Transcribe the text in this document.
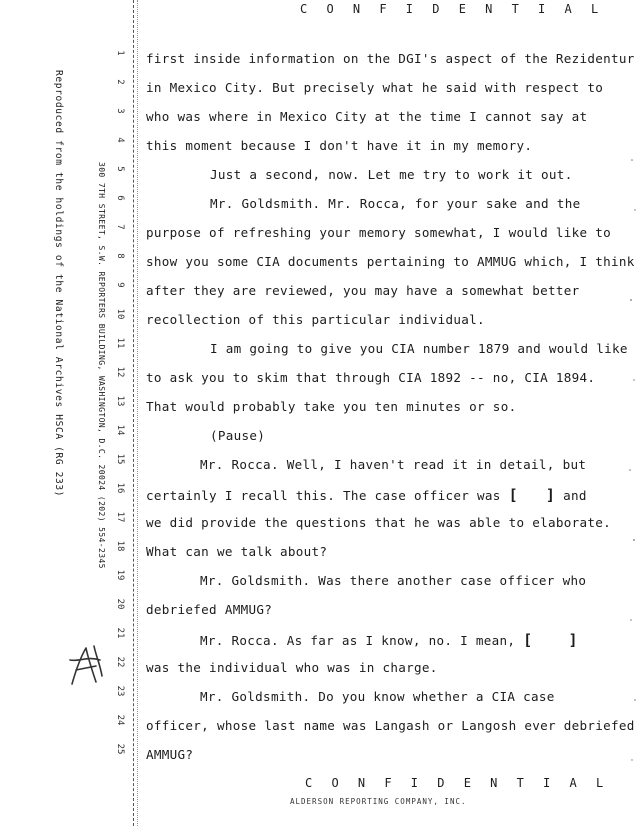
C O N F I D E N T I A L
Reproduced from the holdings of the National Archives HSCA (RG 233)	300 7TH STREET, S.W. REPORTERS BUILDING, WASHINGTON, D.C. 20024 (202) 554-2345
1
2
3
4
5
6
7
8
9
10
11
12
13
14
15
16
17
18
19
20
21
22
23
24
25
first inside information on the DGI's aspect of the Rezidentur
in Mexico City. But precisely what he said with respect to
who was where in Mexico City at the time I cannot say at
this moment because I don't have it in my memory.
Just a second, now. Let me try to work it out.
Mr. Goldsmith. Mr. Rocca, for your sake and the
purpose of refreshing your memory somewhat, I would like to
show you some CIA documents pertaining to AMMUG which, I think
after they are reviewed, you may have a somewhat better
recollection of this particular individual.
I am going to give you CIA number 1879 and would like
to ask you to skim that through CIA 1892 -- no, CIA 1894.
That would probably take you ten minutes or so.
(Pause)
Mr. Rocca. Well, I haven't read it in detail, but
certainly I recall this. The case officer was [ ] and
we did provide the questions that he was able to elaborate.
What can we talk about?
Mr. Goldsmith. Was there another case officer who
debriefed AMMUG?
Mr. Rocca. As far as I know, no. I mean, [ ]
was the individual who was in charge.
Mr. Goldsmith. Do you know whether a CIA case
officer, whose last name was Langash or Langosh ever debriefed
AMMUG?
C O N F I D E N T I A L
ALDERSON REPORTING COMPANY, INC.
